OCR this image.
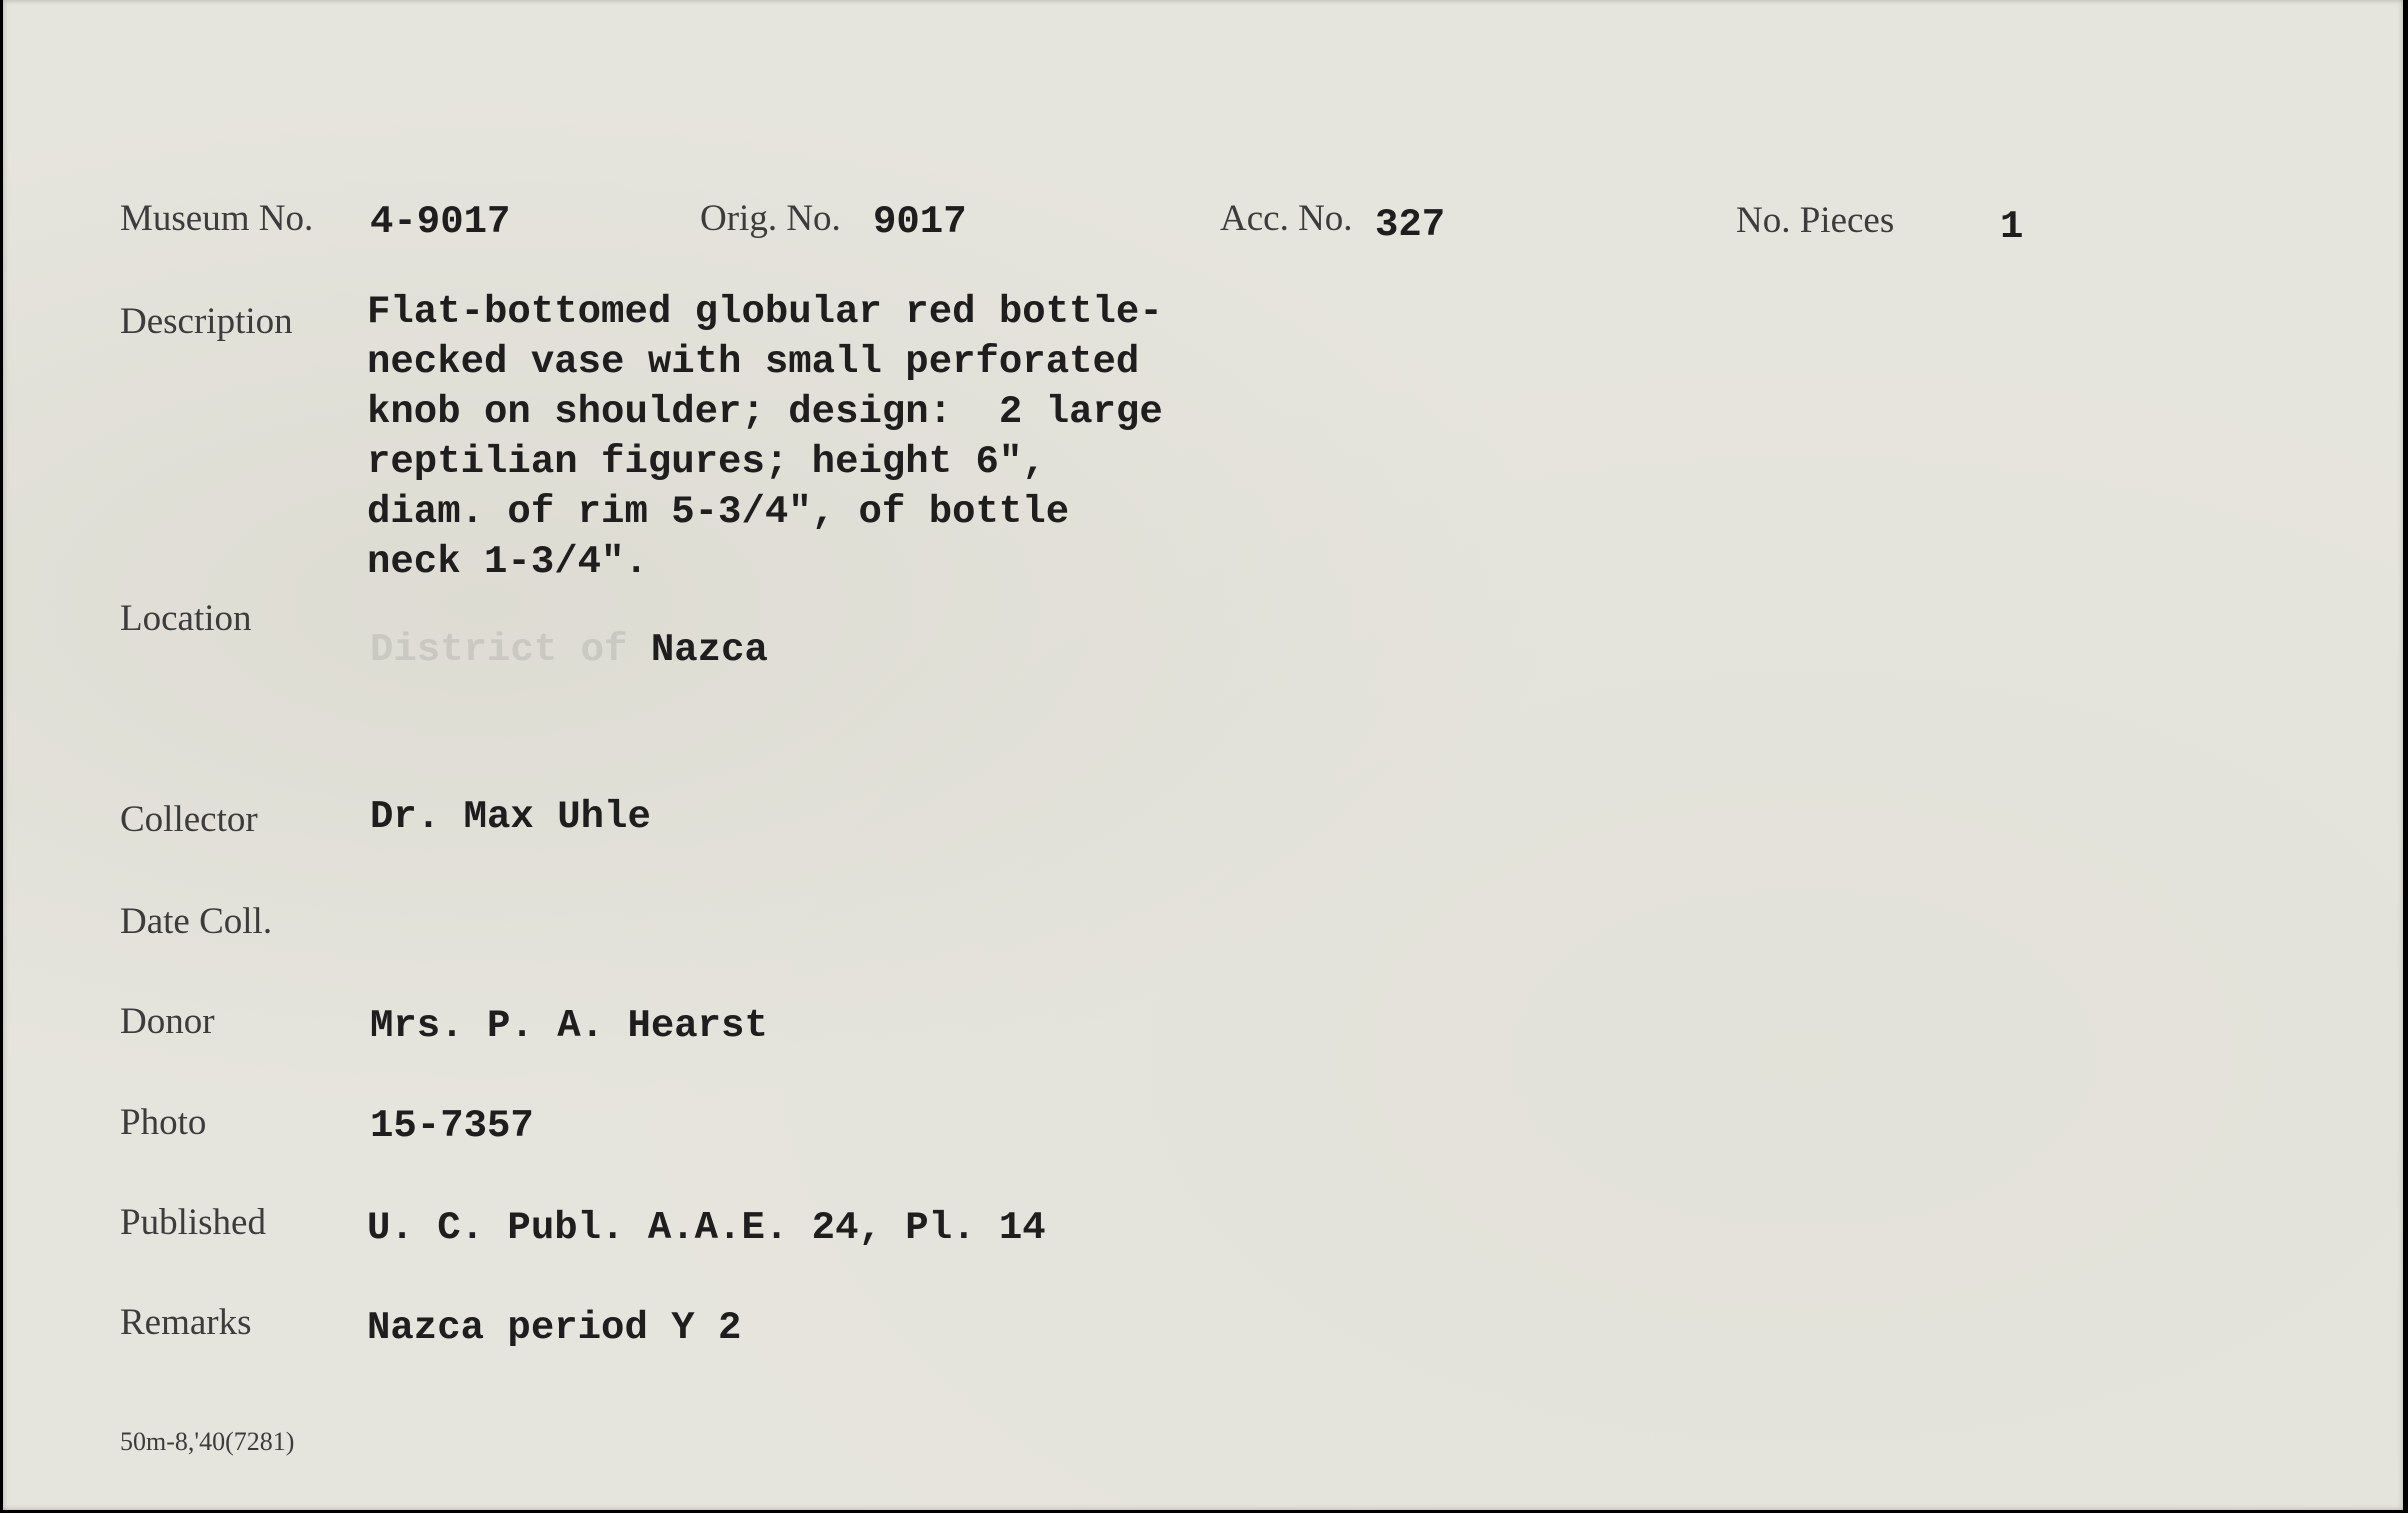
Museum No. 4-9017	Orig. No. 9017	Acc. No. 327	No. Pieces	1
Description Flat-bottomed globular red bottle-
necked vase with small perforated
knob on shoulder; design:  2 large
reptilian figures; height 6",
diam. of rim 5-3/4", of bottle
neck 1-3/4".
Location
District of Nazca
Collector	Dr. Max Uhle
Date Coll.
Donor	Mrs. P. A. Hearst
Photo	15-7357
Published	U. C. Publ. A.A.E. 24, Pl. 14
Remarks	Nazca period Y 2
50m-8,'40(7281)
